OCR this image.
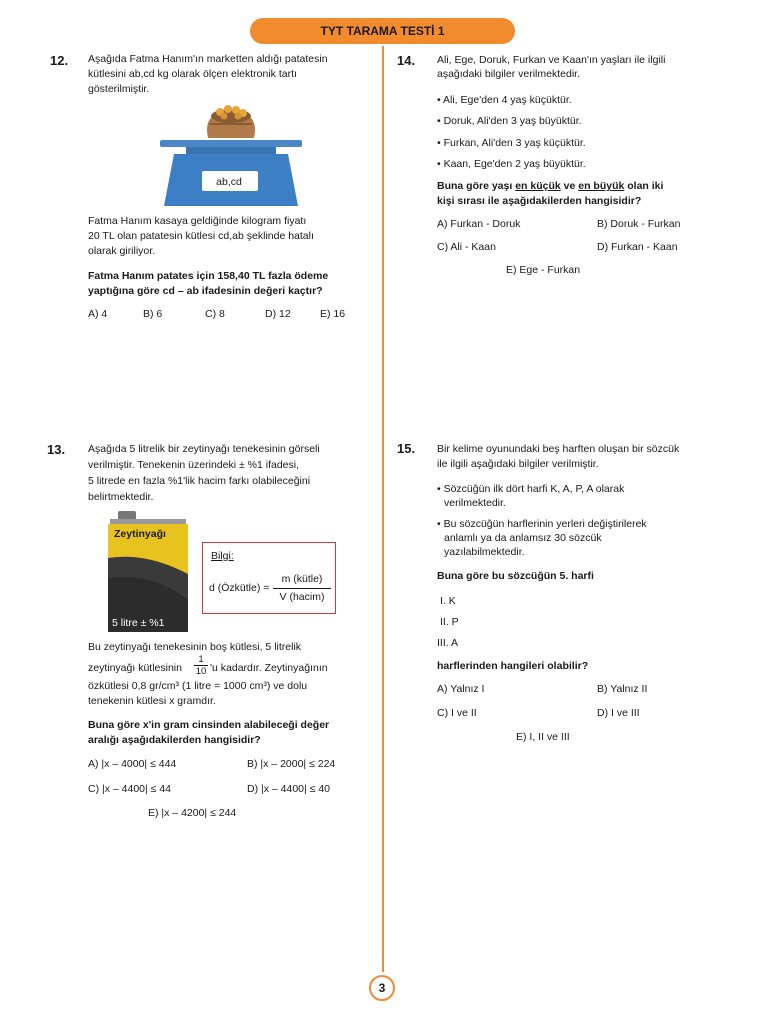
TYT TARAMA TESTİ 1
12. Aşağıda Fatma Hanım'ın marketten aldığı patatesin
kütlesini ab,cd kg olarak ölçen elektronik tartı
gösterilmiştir.
ab,cd
Fatma Hanım kasaya geldiğinde kilogram fiyatı
20 TL olan patatesin kütlesi cd,ab şeklinde hatalı
olarak giriliyor.
Fatma Hanım patates için 158,40 TL fazla ödeme
yaptığına göre cd – ab ifadesinin değeri kaçtır?
A) 4	B) 6	C) 8	D) 12	E) 16
13. Aşağıda 5 litrelik bir zeytinyağı tenekesinin görseli
verilmiştir. Tenekenin üzerindeki ± %1 ifadesi,
5 litrede en fazla %1'lik hacim farkı olabileceğini
belirtmektedir.
Zeytinyağı
5 litre ± %1
Bilgi:
d (Özkütle) =
m (kütle)
V (hacim)
Bu zeytinyağı tenekesinin boş kütlesi, 5 litrelik
zeytinyağı kütlesinin
1
10 'u kadardır. Zeytinyağının
özkütlesi 0,8 gr/cm³ (1 litre = 1000 cm³) ve dolu
tenekenin kütlesi x gramdır.
Buna göre x'in gram cinsinden alabileceği değer
aralığı aşağıdakilerden hangisidir?
A) |x – 4000| ≤ 444	B) |x – 2000| ≤ 224
C) |x – 4400| ≤ 44	D) |x – 4400| ≤ 40
E) |x – 4200| ≤ 244
14. Ali, Ege, Doruk, Furkan ve Kaan'ın yaşları ile ilgili
aşağıdaki bilgiler verilmektedir.
• Ali, Ege'den 4 yaş küçüktür.
• Doruk, Ali'den 3 yaş büyüktür.
• Furkan, Ali'den 3 yaş küçüktür.
• Kaan, Ege'den 2 yaş büyüktür.
Buna göre yaşı en küçük ve en büyük olan iki
kişi sırası ile aşağıdakilerden hangisidir?
A) Furkan - Doruk	B) Doruk - Furkan
C) Ali - Kaan	D) Furkan - Kaan
E) Ege - Furkan
15. Bir kelime oyunundaki beş harften oluşan bir sözcük
ile ilgili aşağıdaki bilgiler verilmiştir.
• Sözcüğün ilk dört harfi K, A, P, A olarak
verilmektedir.
• Bu sözcüğün harflerinin yerleri değiştirilerek
anlamlı ya da anlamsız 30 sözcük
yazılabilmektedir.
Buna göre bu sözcüğün 5. harfi
I. K
II. P
III. A
harflerinden hangileri olabilir?
A) Yalnız I	B) Yalnız II
C) I ve II	D) I ve III
E) I, II ve III
3
